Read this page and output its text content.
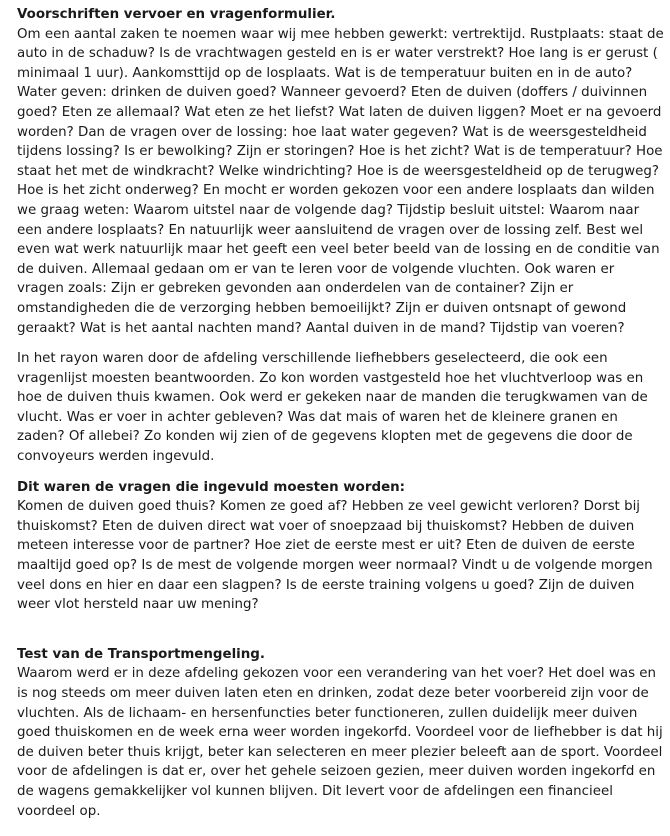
Voorschriften vervoer en vragenformulier.

Om een aantal zaken te noemen waar wij mee hebben gewerkt: vertrektijd. Rustplaats: staat de auto in de schaduw? Is de vrachtwagen gesteld en is er water verstrekt? Hoe lang is er gerust ( minimaal 1 uur). Aankomsttijd op de losplaats. Wat is de temperatuur buiten en in de auto? Water geven: drinken de duiven goed? Wanneer gevoerd? Eten de duiven (doffers / duivinnen goed? Eten ze allemaal? Wat eten ze het liefst? Wat laten de duiven liggen? Moet er na gevoerd worden? Dan de vragen over de lossing: hoe laat water gegeven? Wat is de weersgesteldheid tijdens lossing? Is er bewolking? Zijn er storingen? Hoe is het zicht? Wat is de temperatuur? Hoe staat het met de windkracht? Welke windrichting? Hoe is de weersgesteldheid op de terugweg? Hoe is het zicht onderweg? En mocht er worden gekozen voor een andere losplaats dan wilden we graag weten: Waarom uitstel naar de volgende dag? Tijdstip besluit uitstel: Waarom naar een andere losplaats? En natuurlijk weer aansluitend de vragen over de lossing zelf. Best wel even wat werk natuurlijk maar het geeft een veel beter beeld van de lossing en de conditie van de duiven. Allemaal gedaan om er van te leren voor de volgende vluchten. Ook waren er vragen zoals: Zijn er gebreken gevonden aan onderdelen van de container? Zijn er omstandigheden die de verzorging hebben bemoeilijkt? Zijn er duiven ontsnapt of gewond geraakt? Wat is het aantal nachten mand? Aantal duiven in de mand? Tijdstip van voeren?

In het rayon waren door de afdeling verschillende liefhebbers geselecteerd, die ook een vragenlijst moesten beantwoorden. Zo kon worden vastgesteld hoe het vluchtverloop was en hoe de duiven thuis kwamen. Ook werd er gekeken naar de manden die terugkwamen van de vlucht. Was er voer in achter gebleven? Was dat mais of waren het de kleinere granen en zaden? Of allebei? Zo konden wij zien of de gegevens klopten met de gegevens die door de convoyeurs werden ingevuld.

Dit waren de vragen die ingevuld moesten worden:

Komen de duiven goed thuis? Komen ze goed af? Hebben ze veel gewicht verloren? Dorst bij thuiskomst? Eten de duiven direct wat voer of snoepzaad bij thuiskomst? Hebben de duiven meteen interesse voor de partner? Hoe ziet de eerste mest er uit? Eten de duiven de eerste maaltijd goed op? Is de mest de volgende morgen weer normaal? Vindt u de volgende morgen veel dons en hier en daar een slagpen? Is de eerste training volgens u goed? Zijn de duiven weer vlot hersteld naar uw mening?

Test van de Transportmengeling.

Waarom werd er in deze afdeling gekozen voor een verandering van het voer? Het doel was en is nog steeds om meer duiven laten eten en drinken, zodat deze beter voorbereid zijn voor de vluchten. Als de lichaam- en hersenfuncties beter functioneren, zullen duidelijk meer duiven goed thuiskomen en de week erna weer worden ingekorfd. Voordeel voor de liefhebber is dat hij de duiven beter thuis krijgt, beter kan selecteren en meer plezier beleeft aan de sport. Voordeel voor de afdelingen is dat er, over het gehele seizoen gezien, meer duiven worden ingekorfd en de wagens gemakkelijker vol kunnen blijven. Dit levert voor de afdelingen een financieel voordeel op.
